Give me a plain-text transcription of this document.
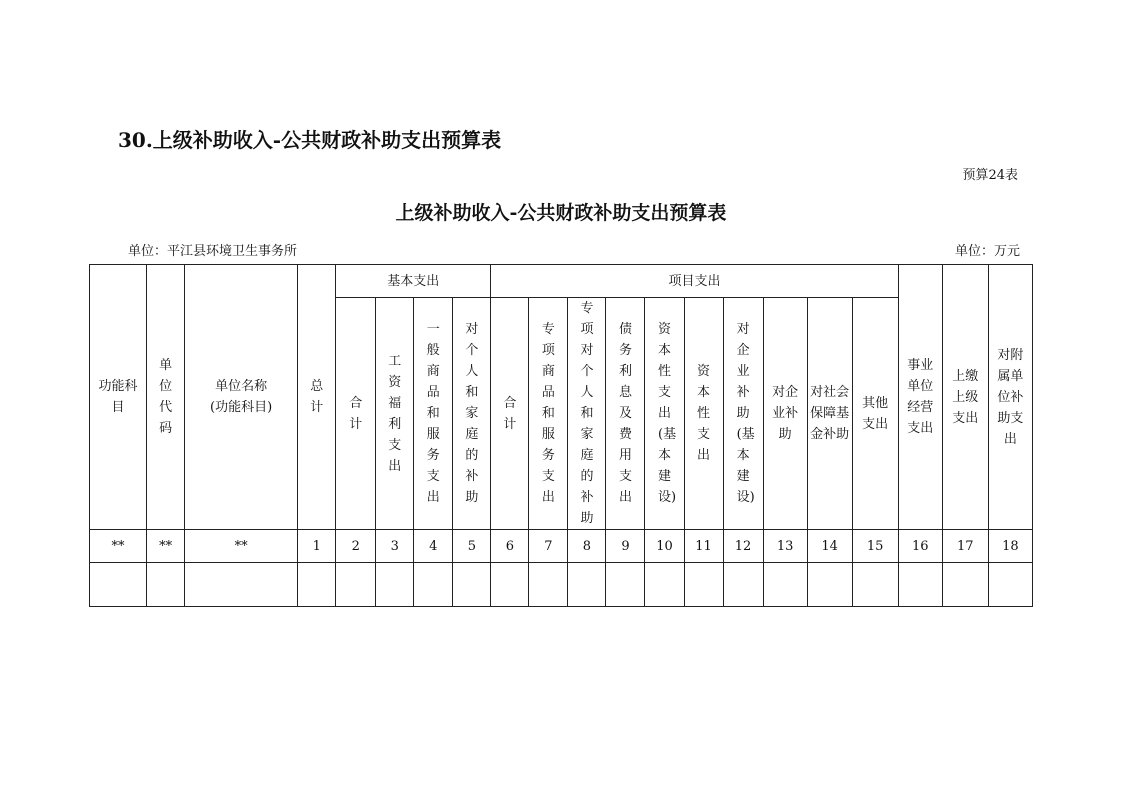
30.上级补助收入-公共财政补助支出预算表
预算24表
上级补助收入-公共财政补助支出预算表
单位：平江县环境卫生事务所	单位：万元
功能科目	单位代码	单位名称(功能科目)	总计	基本支出				项目支出										事业单位经营支出	上缴上级支出	对附属单位补助支出
				合计	工资福利支出	一般商品和服务支出	对个人和家庭的补助	合计	专项商品和服务支出	专项对个人和家庭的补助	债务利息及费用支出	资本性支出(基本建设)	资本性支出	对企业补助(基本建设)	对企业补助	对社会保障基金补助	其他支出			
**	**	**	1	2	3	4	5	6	7	8	9	10	11	12	13	14	15	16	17	18
